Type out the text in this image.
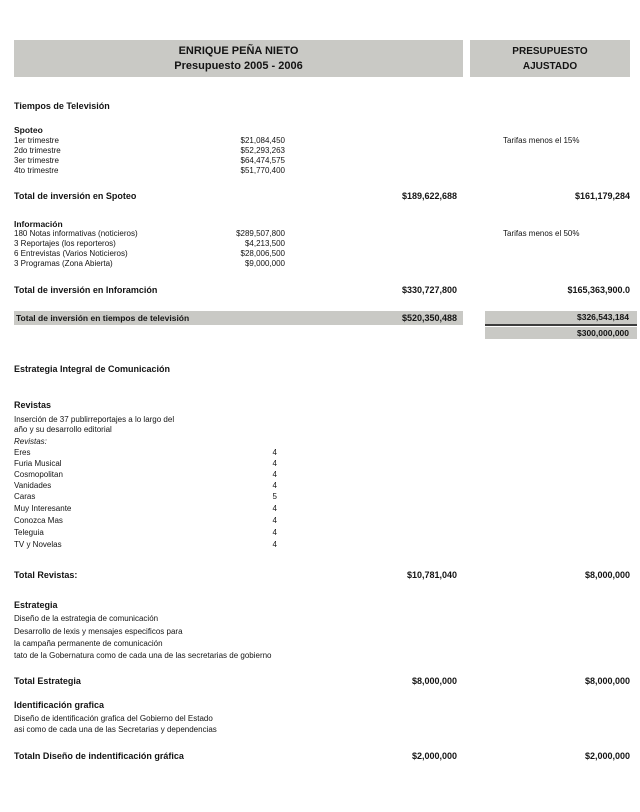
ENRIQUE PEÑA NIETO
Presupuesto 2005 - 2006
PRESUPUESTO
AJUSTADO
Tiempos de Televisión
Spoteo
1er trimestre	$21,084,450	Tarifas menos el 15%
2do trimestre	$52,293,263
3er trimestre	$64,474,575
4to trimestre	$51,770,400
Total de inversión en Spoteo	$189,622,688	$161,179,284
Información
180 Notas informativas (noticieros)	$289,507,800	Tarifas menos el 50%
3 Reportajes (los reporteros)	$4,213,500
6 Entrevistas (Varios Noticieros)	$28,006,500
3 Programas (Zona Abierta)	$9,000,000
Total de inversión en Inforamción	$330,727,800	$165,363,900.0
Total de inversión en tiempos de televisión	$520,350,488	$326,543,184
$300,000,000
Estrategia Integral de Comunicación
Revistas
Inserción de 37 publirreportajes a lo largo del
año y su desarrollo editorial
Revistas:
Eres	4
Furia Musical	4
Cosmopolitan	4
Vanidades	4
Caras	5
Muy Interesante	4
Conozca Mas	4
Teleguia	4
TV y Novelas	4
Total Revistas:	$10,781,040	$8,000,000
Estrategia
Diseño de la estrategia de comunicación
Desarrollo de lexis y mensajes especificos para
la campaña permanente de comunicación
tato de la Gobernatura como de cada una de las secretarias de gobierno
Total Estrategia	$8,000,000	$8,000,000
Identificación grafica
Diseño de identificación grafica del Gobierno del Estado
asi como de cada una de las Secretarias y dependencias
Totaln Diseño de indentificación gráfica	$2,000,000	$2,000,000
